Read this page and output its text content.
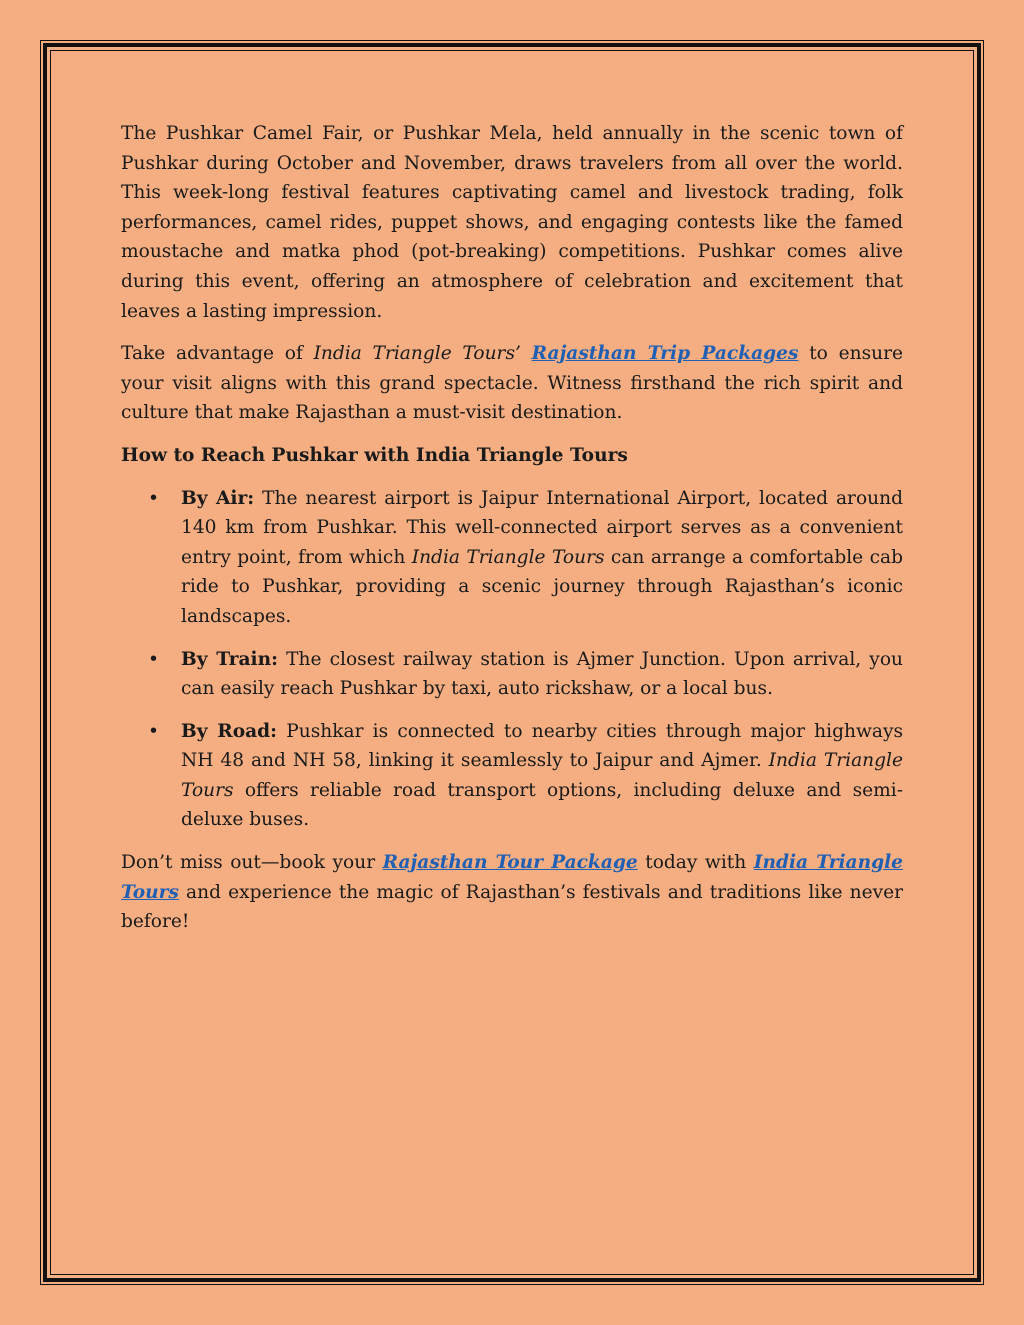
The Pushkar Camel Fair, or Pushkar Mela, held annually in the scenic town of Pushkar during October and November, draws travelers from all over the world. This week-long festival features captivating camel and livestock trading, folk performances, camel rides, puppet shows, and engaging contests like the famed moustache and matka phod (pot-breaking) competitions. Pushkar comes alive during this event, offering an atmosphere of celebration and excitement that leaves a lasting impression.

Take advantage of India Triangle Tours’ Rajasthan Trip Packages to ensure your visit aligns with this grand spectacle. Witness firsthand the rich spirit and culture that make Rajasthan a must-visit destination.

How to Reach Pushkar with India Triangle Tours
• By Air: The nearest airport is Jaipur International Airport, located around 140 km from Pushkar. This well-connected airport serves as a convenient entry point, from which India Triangle Tours can arrange a comfortable cab ride to Pushkar, providing a scenic journey through Rajasthan’s iconic landscapes.
• By Train: The closest railway station is Ajmer Junction. Upon arrival, you can easily reach Pushkar by taxi, auto rickshaw, or a local bus.
• By Road: Pushkar is connected to nearby cities through major highways NH 48 and NH 58, linking it seamlessly to Jaipur and Ajmer. India Triangle Tours offers reliable road transport options, including deluxe and semi-deluxe buses.

Don’t miss out—book your Rajasthan Tour Package today with India Triangle Tours and experience the magic of Rajasthan’s festivals and traditions like never before!
